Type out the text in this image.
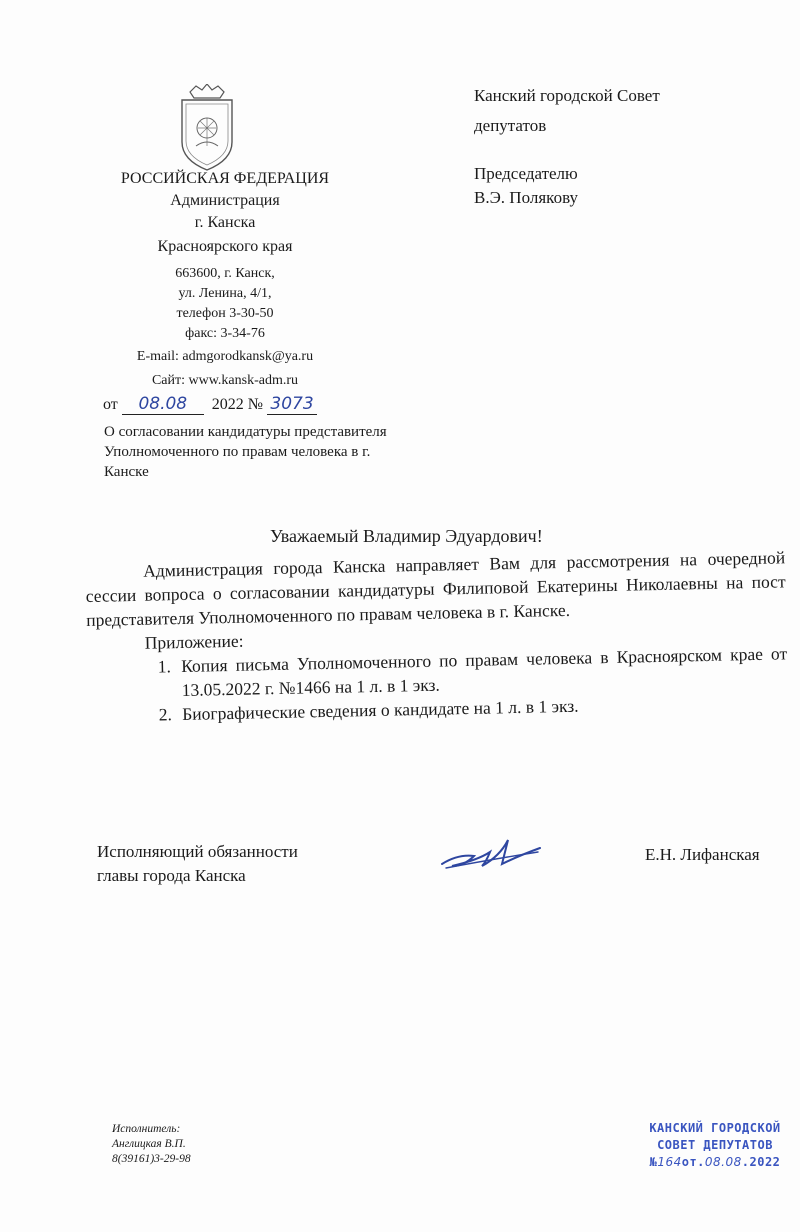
РОССИЙСКАЯ ФЕДЕРАЦИЯ
Администрация
г. Канска
Красноярского края
663600, г. Канск,
ул. Ленина, 4/1,
телефон 3-30-50
факс: 3-34-76
E-mail: admgorodkansk@ya.ru
Сайт: www.kansk-adm.ru
от 08.08 2022 № 3073
О согласовании кандидатуры представителя Уполномоченного по правам человека в г. Канске
Канский городской Совет
депутатов
Председателю
В.Э. Полякову
Уважаемый Владимир Эдуардович!

Администрация города Канска направляет Вам для рассмотрения на очередной сессии вопроса о согласовании кандидатуры Филиповой Екатерины Николаевны на пост представителя Уполномоченного по правам человека в г. Канске.

Приложение:
1. Копия письма Уполномоченного по правам человека в Красноярском крае от 13.05.2022 г. №1466 на 1 л. в 1 экз.
2. Биографические сведения о кандидате на 1 л. в 1 экз.
Исполняющий обязанности
главы города Канска
Е.Н. Лифанская
Исполнитель:
Англицкая В.П.
8(39161)3-29-98
КАНСКИЙ ГОРОДСКОЙ
СОВЕТ ДЕПУТАТОВ
№164от.08.08.2022
